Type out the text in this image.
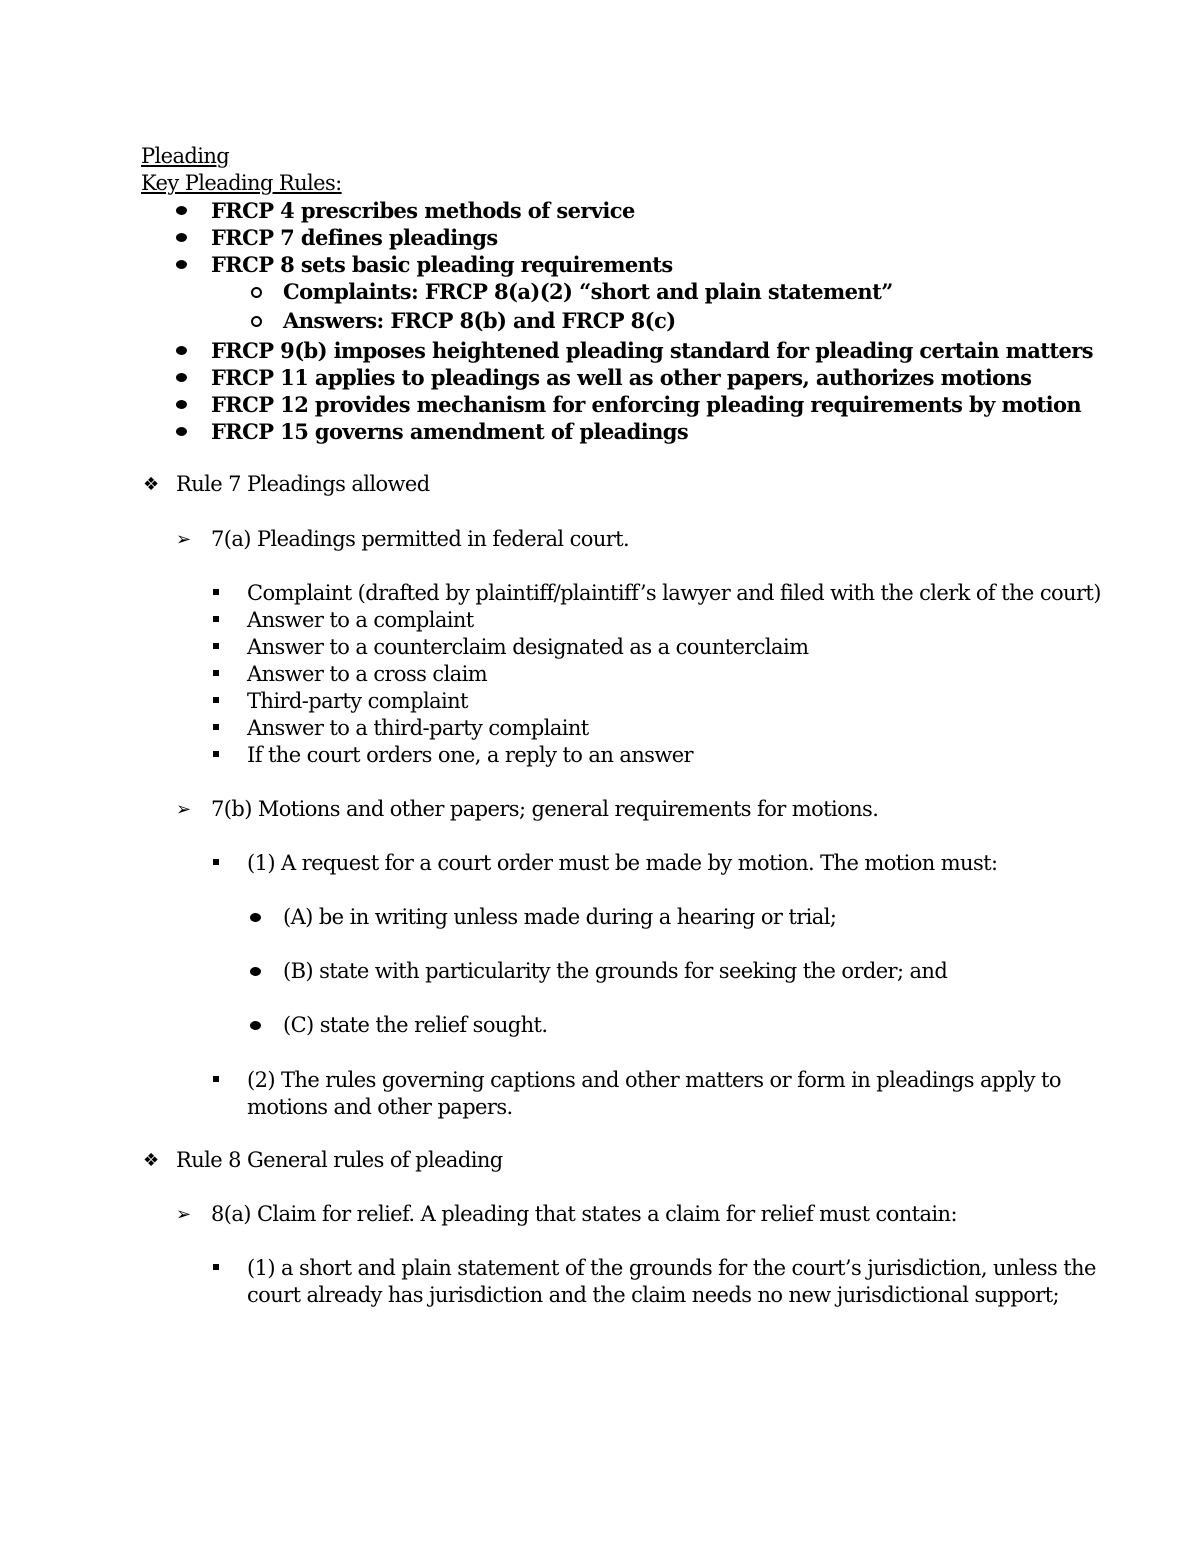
Pleading
Key Pleading Rules:
FRCP 4 prescribes methods of service
FRCP 7 defines pleadings
FRCP 8 sets basic pleading requirements
Complaints: FRCP 8(a)(2) “short and plain statement”
Answers: FRCP 8(b) and FRCP 8(c)
FRCP 9(b) imposes heightened pleading standard for pleading certain matters
FRCP 11 applies to pleadings as well as other papers, authorizes motions
FRCP 12 provides mechanism for enforcing pleading requirements by motion
FRCP 15 governs amendment of pleadings
❖ Rule 7 Pleadings allowed
➢ 7(a) Pleadings permitted in federal court.
Complaint (drafted by plaintiff/plaintiff’s lawyer and filed with the clerk of the court)
Answer to a complaint
Answer to a counterclaim designated as a counterclaim
Answer to a cross claim
Third-party complaint
Answer to a third-party complaint
If the court orders one, a reply to an answer
➢ 7(b) Motions and other papers; general requirements for motions.
(1) A request for a court order must be made by motion. The motion must:
(A) be in writing unless made during a hearing or trial;
(B) state with particularity the grounds for seeking the order; and
(C) state the relief sought.
(2) The rules governing captions and other matters or form in pleadings apply to
motions and other papers.
❖ Rule 8 General rules of pleading
➢ 8(a) Claim for relief. A pleading that states a claim for relief must contain:
(1) a short and plain statement of the grounds for the court’s jurisdiction, unless the
court already has jurisdiction and the claim needs no new jurisdictional support;
